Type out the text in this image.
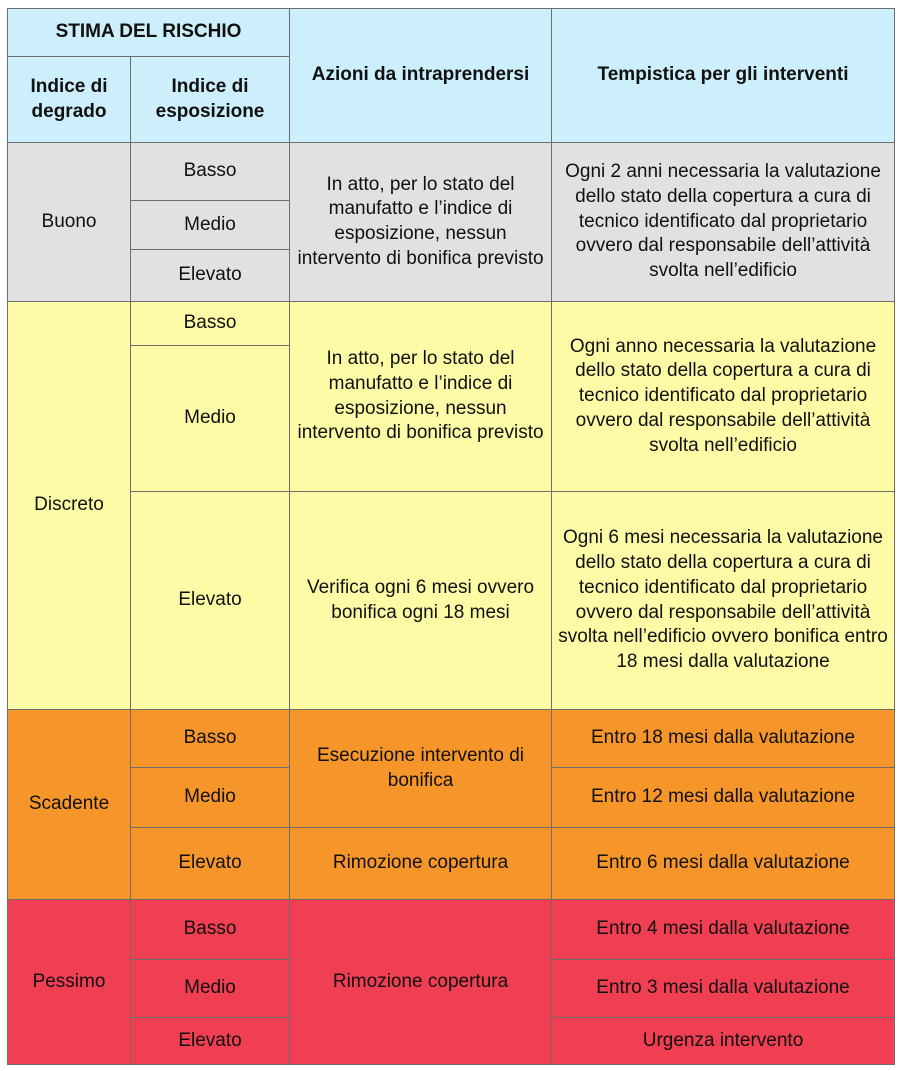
STIMA DEL RISCHIO		Azioni da intraprendersi	Tempistica per gli interventi
Indice di degrado	Indice di esposizione		
Buono	Basso	In atto, per lo stato del manufatto e l’indice di esposizione, nessun intervento di bonifica previsto	Ogni 2 anni necessaria la valutazione dello stato della copertura a cura di tecnico identificato dal proprietario ovvero dal responsabile dell’attività svolta nell’edificio
	Medio		
	Elevato		
Discreto	Basso	In atto, per lo stato del manufatto e l’indice di esposizione, nessun intervento di bonifica previsto	Ogni anno necessaria la valutazione dello stato della copertura a cura di tecnico identificato dal proprietario ovvero dal responsabile dell’attività svolta nell’edificio
	Medio		
	Elevato	Verifica ogni 6 mesi ovvero bonifica ogni 18 mesi	Ogni 6 mesi necessaria la valutazione dello stato della copertura a cura di tecnico identificato dal proprietario ovvero dal responsabile dell’attività svolta nell’edificio ovvero bonifica entro 18 mesi dalla valutazione
Scadente	Basso	Esecuzione intervento di bonifica	Entro 18 mesi dalla valutazione
	Medio		Entro 12 mesi dalla valutazione
	Elevato	Rimozione copertura	Entro 6 mesi dalla valutazione
Pessimo	Basso	Rimozione copertura	Entro 4 mesi dalla valutazione
	Medio		Entro 3 mesi dalla valutazione
	Elevato		Urgenza intervento
